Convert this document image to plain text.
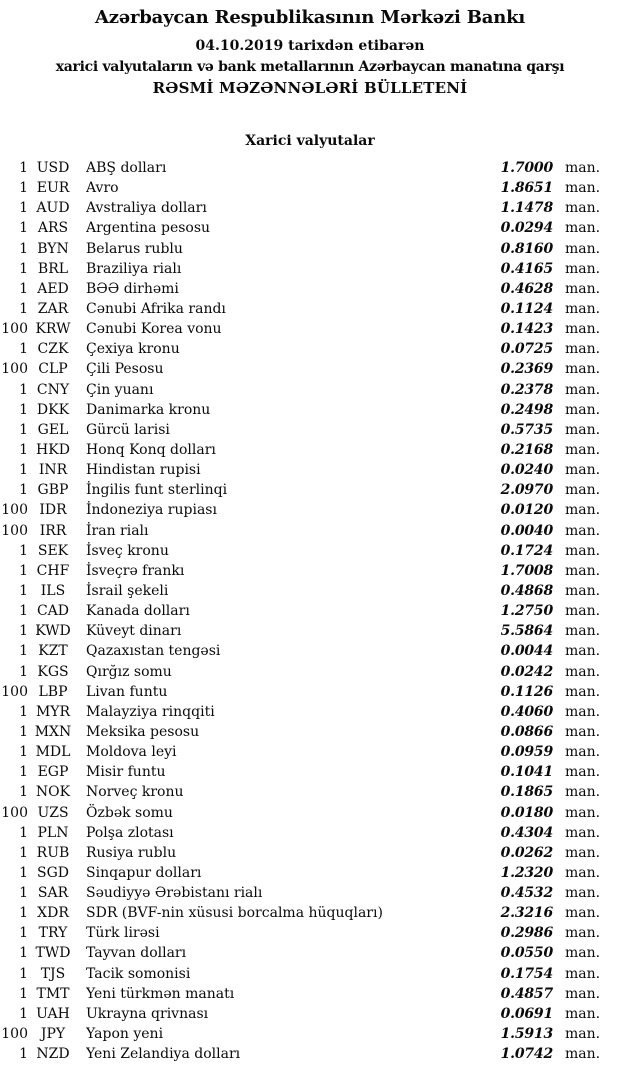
Azərbaycan Respublikasının Mərkəzi Bankı
04.10.2019 tarixdən etibarən
xarici valyutaların və bank metallarının Azərbaycan manatına qarşı
RƏSMİ MƏZƏNNƏLƏRİ BÜLLETENİ
Xarici valyutalar
1 USD	ABŞ dolları	1.7000 man.
1 EUR	Avro	1.8651 man.
1 AUD	Avstraliya dolları	1.1478 man.
1 ARS	Argentina pesosu	0.0294 man.
1 BYN	Belarus rublu	0.8160 man.
1 BRL	Braziliya rialı	0.4165 man.
1 AED	BƏƏ dirhəmi	0.4628 man.
1 ZAR	Cənubi Afrika randı	0.1124 man.
100 KRW	Cənubi Korea vonu	0.1423 man.
1 CZK	Çexiya kronu	0.0725 man.
100 CLP	Çili Pesosu	0.2369 man.
1 CNY	Çin yuanı	0.2378 man.
1 DKK	Danimarka kronu	0.2498 man.
1 GEL	Gürcü larisi	0.5735 man.
1 HKD	Honq Konq dolları	0.2168 man.
1 INR	Hindistan rupisi	0.0240 man.
1 GBP	İngilis funt sterlinqi	2.0970 man.
100 IDR	İndoneziya rupiası	0.0120 man.
100 IRR	İran rialı	0.0040 man.
1 SEK	İsveç kronu	0.1724 man.
1 CHF	İsveçrə frankı	1.7008 man.
1 ILS	İsrail şekeli	0.4868 man.
1 CAD	Kanada dolları	1.2750 man.
1 KWD	Küveyt dinarı	5.5864 man.
1 KZT	Qazaxıstan tengəsi	0.0044 man.
1 KGS	Qırğız somu	0.0242 man.
100 LBP	Livan funtu	0.1126 man.
1 MYR	Malayziya rinqqiti	0.4060 man.
1 MXN	Meksika pesosu	0.0866 man.
1 MDL	Moldova leyi	0.0959 man.
1 EGP	Misir funtu	0.1041 man.
1 NOK	Norveç kronu	0.1865 man.
100 UZS	Özbək somu	0.0180 man.
1 PLN	Polşa zlotası	0.4304 man.
1 RUB	Rusiya rublu	0.0262 man.
1 SGD	Sinqapur dolları	1.2320 man.
1 SAR	Səudiyyə Ərəbistanı rialı	0.4532 man.
1 XDR	SDR (BVF-nin xüsusi borcalma hüquqları)	2.3216 man.
1 TRY	Türk lirəsi	0.2986 man.
1 TWD	Tayvan dolları	0.0550 man.
1 TJS	Tacik somonisi	0.1754 man.
1 TMT	Yeni türkmən manatı	0.4857 man.
1 UAH	Ukrayna qrivnası	0.0691 man.
100 JPY	Yapon yeni	1.5913 man.
1 NZD	Yeni Zelandiya dolları	1.0742 man.
